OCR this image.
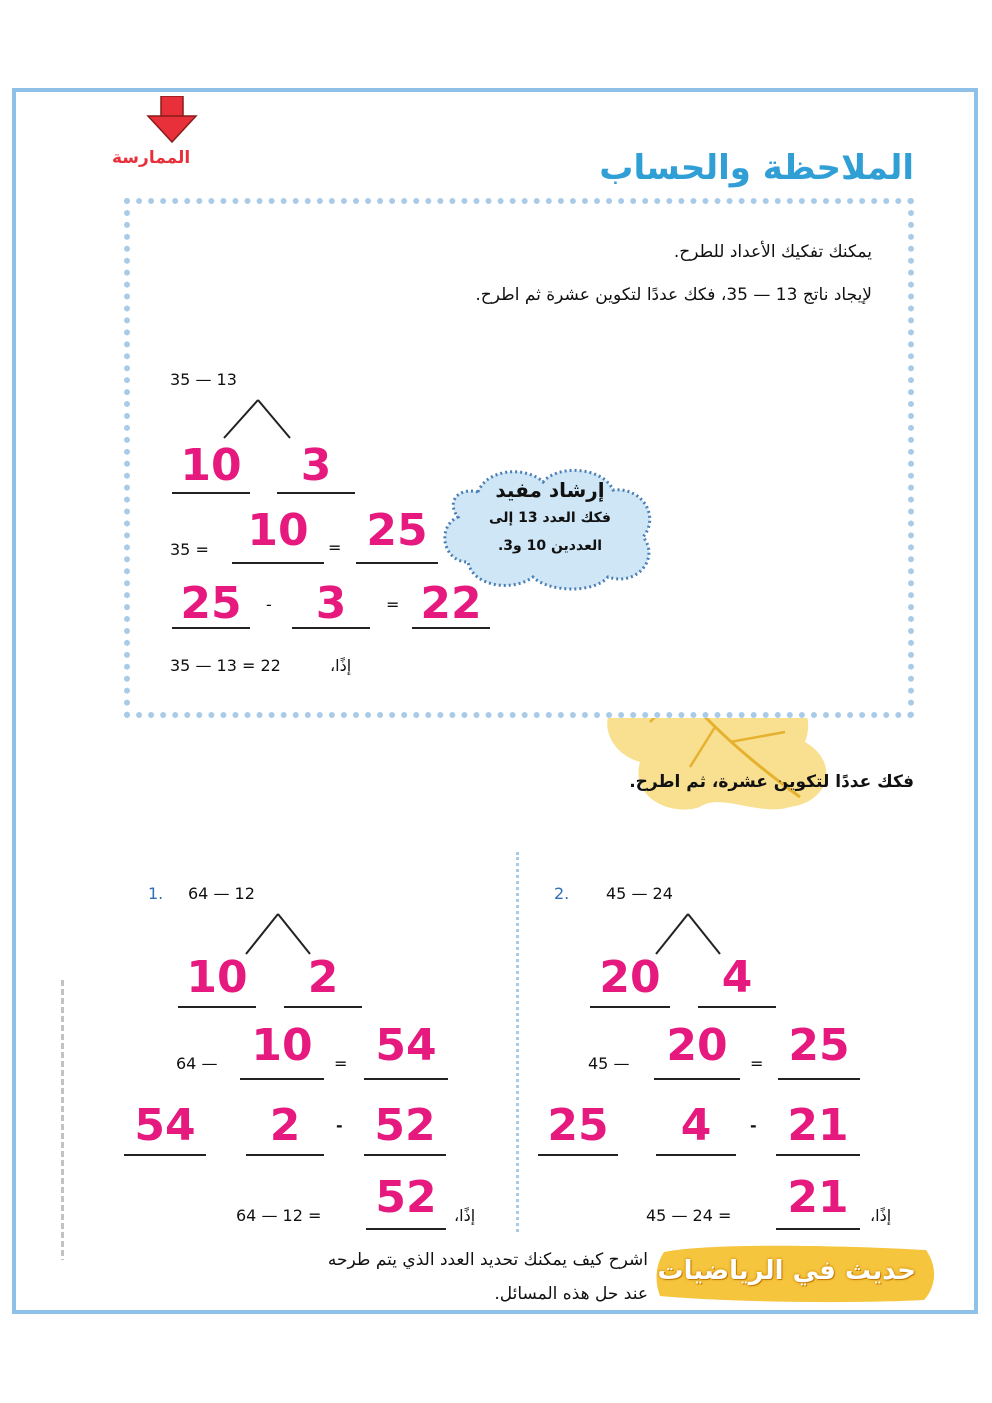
الممارسة	الملاحظة والحساب
يمكنك تفكيك الأعداد للطرح.
لإيجاد ناتج 13 — 35، فكك عددًا لتكوين عشرة ثم اطرح.
35 — 13
10	3
35 = 10	= 25
25	- 3	= 22
35 — 13 = 22	إذًا،
إرشاد مفيد
فكك العدد 13 إلى
العددين 10 و3.
فكك عددًا لتكوين عشرة، ثم اطرح.
1. 64 — 12
10	2
64 — 10	= 54
54	2	- 52
64 — 12 = 52	إذًا،
2. 45 — 24
20	4
45 — 20	= 25
25	4	- 21
45 — 24 = 21	إذًا،
حديث في الرياضيات
اشرح كيف يمكنك تحديد العدد الذي يتم طرحه
عند حل هذه المسائل.
